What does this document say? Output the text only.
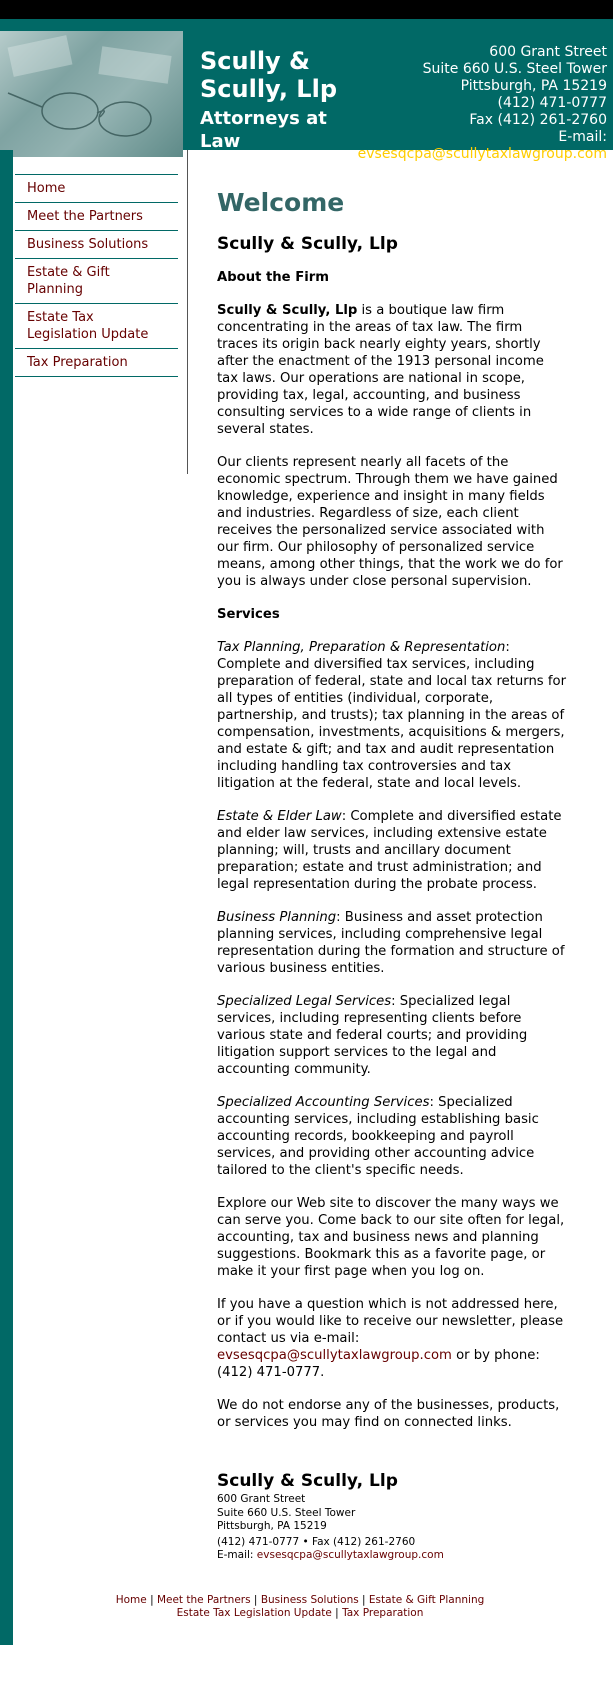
Scully & Scully, Llp
Attorneys at Law
600 Grant Street
Suite 660 U.S. Steel Tower
Pittsburgh, PA 15219
(412) 471-0777
Fax (412) 261-2760
E-mail:
evsesqcpa@scullytaxlawgroup.com
Home
Meet the Partners
Business Solutions
Estate & Gift Planning
Estate Tax Legislation Update
Tax Preparation
Welcome
Scully & Scully, Llp
About the Firm

Scully & Scully, Llp is a boutique law firm concentrating in the areas of tax law. The firm traces its origin back nearly eighty years, shortly after the enactment of the 1913 personal income tax laws. Our operations are national in scope, providing tax, legal, accounting, and business consulting services to a wide range of clients in several states.

Our clients represent nearly all facets of the economic spectrum. Through them we have gained knowledge, experience and insight in many fields and industries. Regardless of size, each client receives the personalized service associated with our firm. Our philosophy of personalized service means, among other things, that the work we do for you is always under close personal supervision.

Services

Tax Planning, Preparation & Representation: Complete and diversified tax services, including preparation of federal, state and local tax returns for all types of entities (individual, corporate, partnership, and trusts); tax planning in the areas of compensation, investments, acquisitions & mergers, and estate & gift; and tax and audit representation including handling tax controversies and tax litigation at the federal, state and local levels.

Estate & Elder Law: Complete and diversified estate and elder law services, including extensive estate planning; will, trusts and ancillary document preparation; estate and trust administration; and legal representation during the probate process.

Business Planning: Business and asset protection planning services, including comprehensive legal representation during the formation and structure of various business entities.

Specialized Legal Services: Specialized legal services, including representing clients before various state and federal courts; and providing litigation support services to the legal and accounting community.

Specialized Accounting Services: Specialized accounting services, including establishing basic accounting records, bookkeeping and payroll services, and providing other accounting advice tailored to the client's specific needs.

Explore our Web site to discover the many ways we can serve you. Come back to our site often for legal, accounting, tax and business news and planning suggestions. Bookmark this as a favorite page, or make it your first page when you log on.

If you have a question which is not addressed here, or if you would like to receive our newsletter, please contact us via e-mail: evsesqcpa@scullytaxlawgroup.com or by phone: (412) 471-0777.

We do not endorse any of the businesses, products, or services you may find on connected links.

Scully & Scully, Llp
600 Grant Street
Suite 660 U.S. Steel Tower
Pittsburgh, PA 15219
(412) 471-0777 • Fax (412) 261-2760
E-mail: evsesqcpa@scullytaxlawgroup.com
Home | Meet the Partners | Business Solutions | Estate & Gift Planning
Estate Tax Legislation Update | Tax Preparation
